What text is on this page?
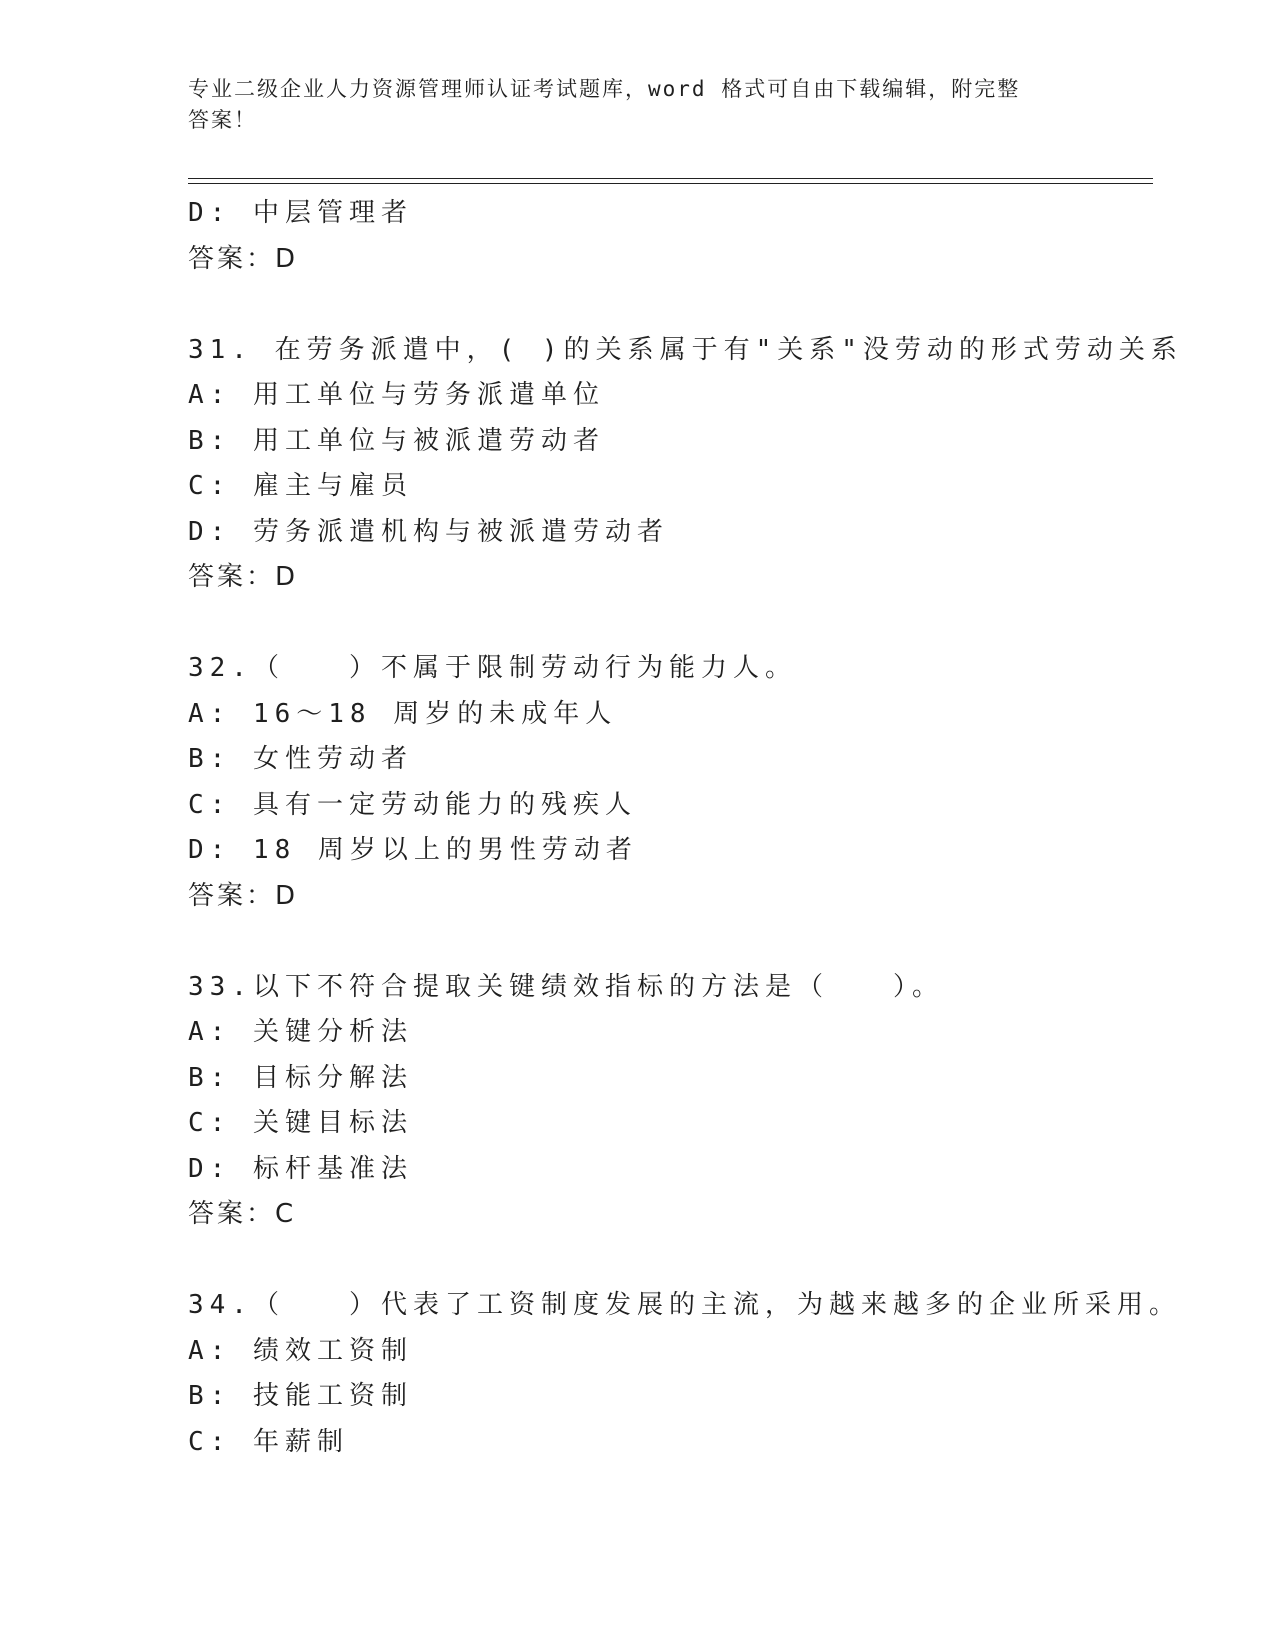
专业二级企业人力资源管理师认证考试题库，word 格式可自由下载编辑，附完整
答案！
D: 中层管理者
答案：D
31. 在劳务派遣中，( )的关系属于有"关系"没劳动的形式劳动关系
A: 用工单位与劳务派遣单位
B: 用工单位与被派遣劳动者
C: 雇主与雇员
D: 劳务派遣机构与被派遣劳动者
答案：D
32.（　　）不属于限制劳动行为能力人。
A: 16～18 周岁的未成年人
B: 女性劳动者
C: 具有一定劳动能力的残疾人
D: 18 周岁以上的男性劳动者
答案：D
33.以下不符合提取关键绩效指标的方法是（　　）。
A: 关键分析法
B: 目标分解法
C: 关键目标法
D: 标杆基准法
答案：C
34.（　　）代表了工资制度发展的主流，为越来越多的企业所采用。
A: 绩效工资制
B: 技能工资制
C: 年薪制
